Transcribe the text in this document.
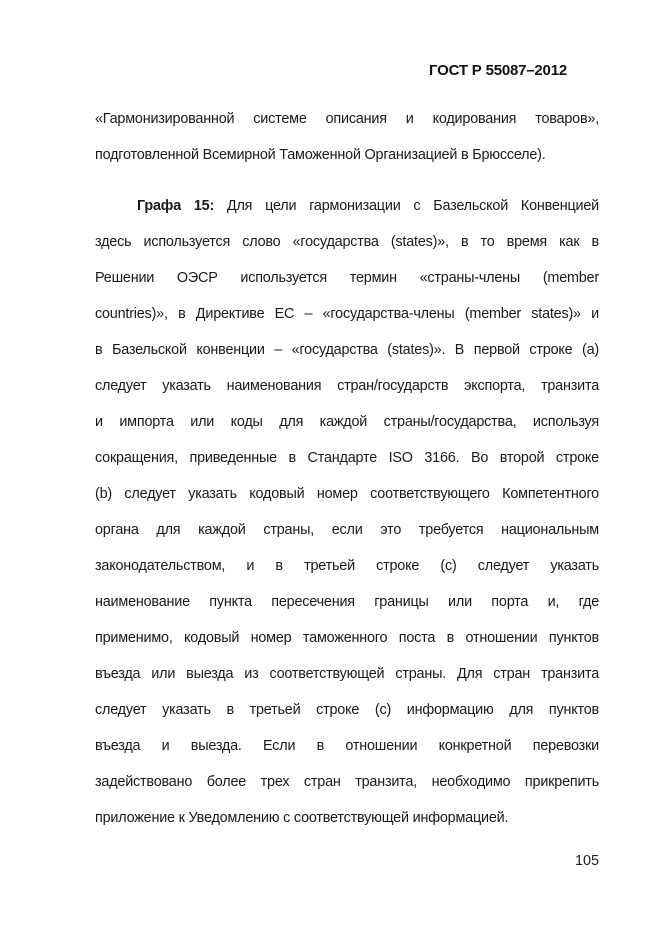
ГОСТ Р 55087–2012
«Гармонизированной системе описания и кодирования товаров»,
подготовленной Всемирной Таможенной Организацией в Брюсселе).
Графа 15: Для цели гармонизации с Базельской Конвенцией
здесь используется слово «государства (states)», в то время как в
Решении ОЭСР используется термин «страны-члены (member
countries)», в Директиве ЕС – «государства-члены (member states)» и
в Базельской конвенции – «государства (states)». В первой строке (a)
следует указать наименования стран/государств экспорта, транзита
и импорта или коды для каждой страны/государства, используя
сокращения, приведенные в Стандарте ISO 3166. Во второй строке
(b) следует указать кодовый номер соответствующего Компетентного
органа для каждой страны, если это требуется национальным
законодательством, и в третьей строке (c) следует указать
наименование пункта пересечения границы или порта и, где
применимо, кодовый номер таможенного поста в отношении пунктов
въезда или выезда из соответствующей страны. Для стран транзита
следует указать в третьей строке (c) информацию для пунктов
въезда и выезда. Если в отношении конкретной перевозки
задействовано более трех стран транзита, необходимо прикрепить
приложение к Уведомлению с соответствующей информацией.
105
